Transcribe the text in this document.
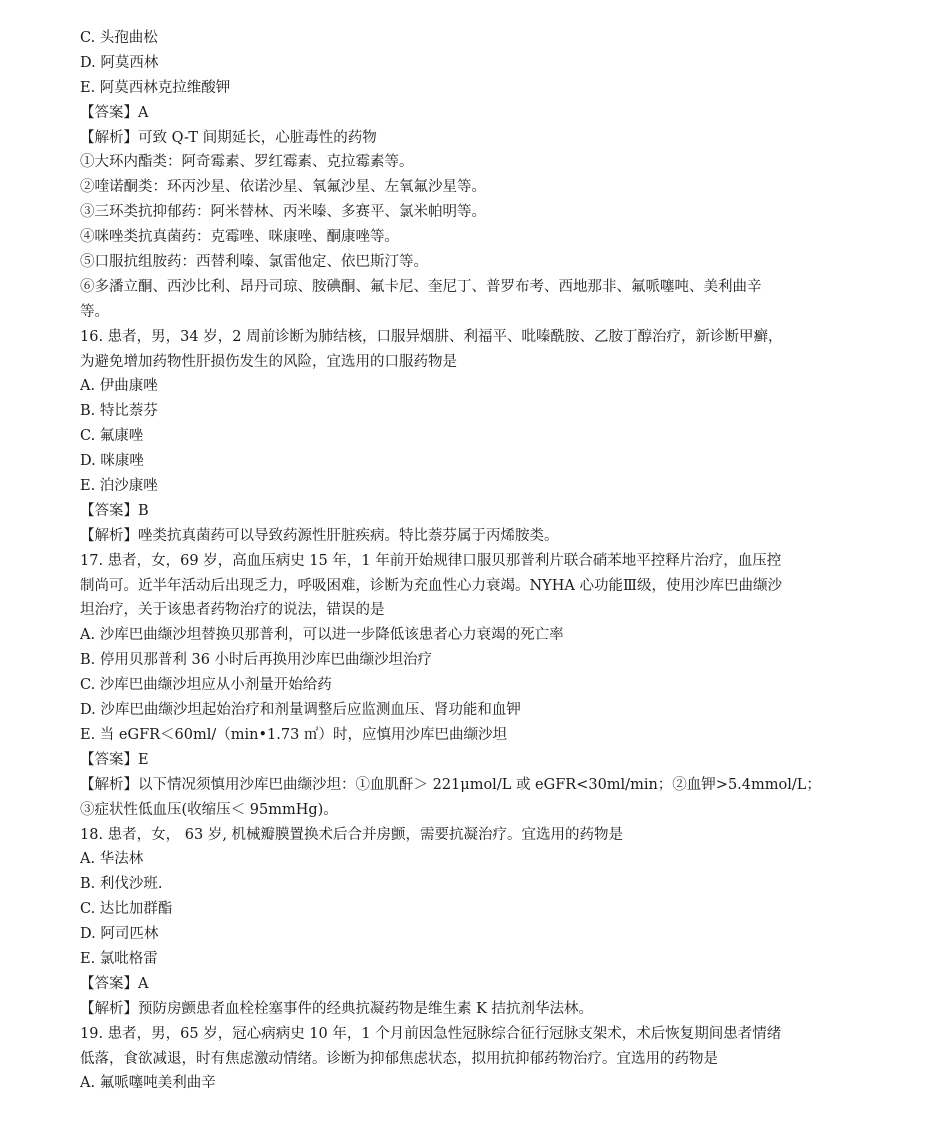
C. 头孢曲松
D. 阿莫西林
E. 阿莫西林克拉维酸钾
【答案】A
【解析】可致 Q-T 间期延长，心脏毒性的药物
①大环内酯类：阿奇霉素、罗红霉素、克拉霉素等。
②喹诺酮类：环丙沙星、依诺沙星、氧氟沙星、左氧氟沙星等。
③三环类抗抑郁药：阿米替林、丙米嗪、多赛平、氯米帕明等。
④咪唑类抗真菌药：克霉唑、咪康唑、酮康唑等。
⑤口服抗组胺药：西替利嗪、氯雷他定、依巴斯汀等。
⑥多潘立酮、西沙比利、昂丹司琼、胺碘酮、氟卡尼、奎尼丁、普罗布考、西地那非、氟哌噻吨、美利曲辛
等。
16. 患者，男，34 岁，2 周前诊断为肺结核，口服异烟肼、利福平、吡嗪酰胺、乙胺丁醇治疗，新诊断甲癣，
为避免增加药物性肝损伤发生的风险，宜选用的口服药物是
A. 伊曲康唑
B. 特比萘芬
C. 氟康唑
D. 咪康唑
E. 泊沙康唑
【答案】B
【解析】唑类抗真菌药可以导致药源性肝脏疾病。特比萘芬属于丙烯胺类。
17. 患者，女，69 岁，高血压病史 15 年，1 年前开始规律口服贝那普利片联合硝苯地平控释片治疗，血压控
制尚可。近半年活动后出现乏力，呼吸困难，诊断为充血性心力衰竭。NYHA 心功能Ⅲ级，使用沙库巴曲缬沙
坦治疗，关于该患者药物治疗的说法，错误的是
A. 沙库巴曲缬沙坦替换贝那普利，可以进一步降低该患者心力衰竭的死亡率
B. 停用贝那普利 36 小时后再换用沙库巴曲缬沙坦治疗
C. 沙库巴曲缬沙坦应从小剂量开始给药
D. 沙库巴曲缬沙坦起始治疗和剂量调整后应监测血压、肾功能和血钾
E. 当 eGFR＜60ml/（min•1.73 ㎡）时，应慎用沙库巴曲缬沙坦
【答案】E
【解析】以下情况须慎用沙库巴曲缬沙坦：①血肌酐＞ 221μmol/L 或 eGFR<30ml/min；②血钾>5.4mmol/L；
③症状性低血压(收缩压＜ 95mmHg)。
18. 患者，女， 63 岁, 机械瓣膜置换术后合并房颤，需要抗凝治疗。宜选用的药物是
A. 华法林
B. 利伐沙班.
C. 达比加群酯
D. 阿司匹林
E. 氯吡格雷
【答案】A
【解析】预防房颤患者血栓栓塞事件的经典抗凝药物是维生素 K 拮抗剂华法林。
19. 患者，男，65 岁，冠心病病史 10 年，1 个月前因急性冠脉综合征行冠脉支架术，术后恢复期间患者情绪
低落，食欲减退，时有焦虑激动情绪。诊断为抑郁焦虑状态，拟用抗抑郁药物治疗。宜选用的药物是
A. 氟哌噻吨美利曲辛
